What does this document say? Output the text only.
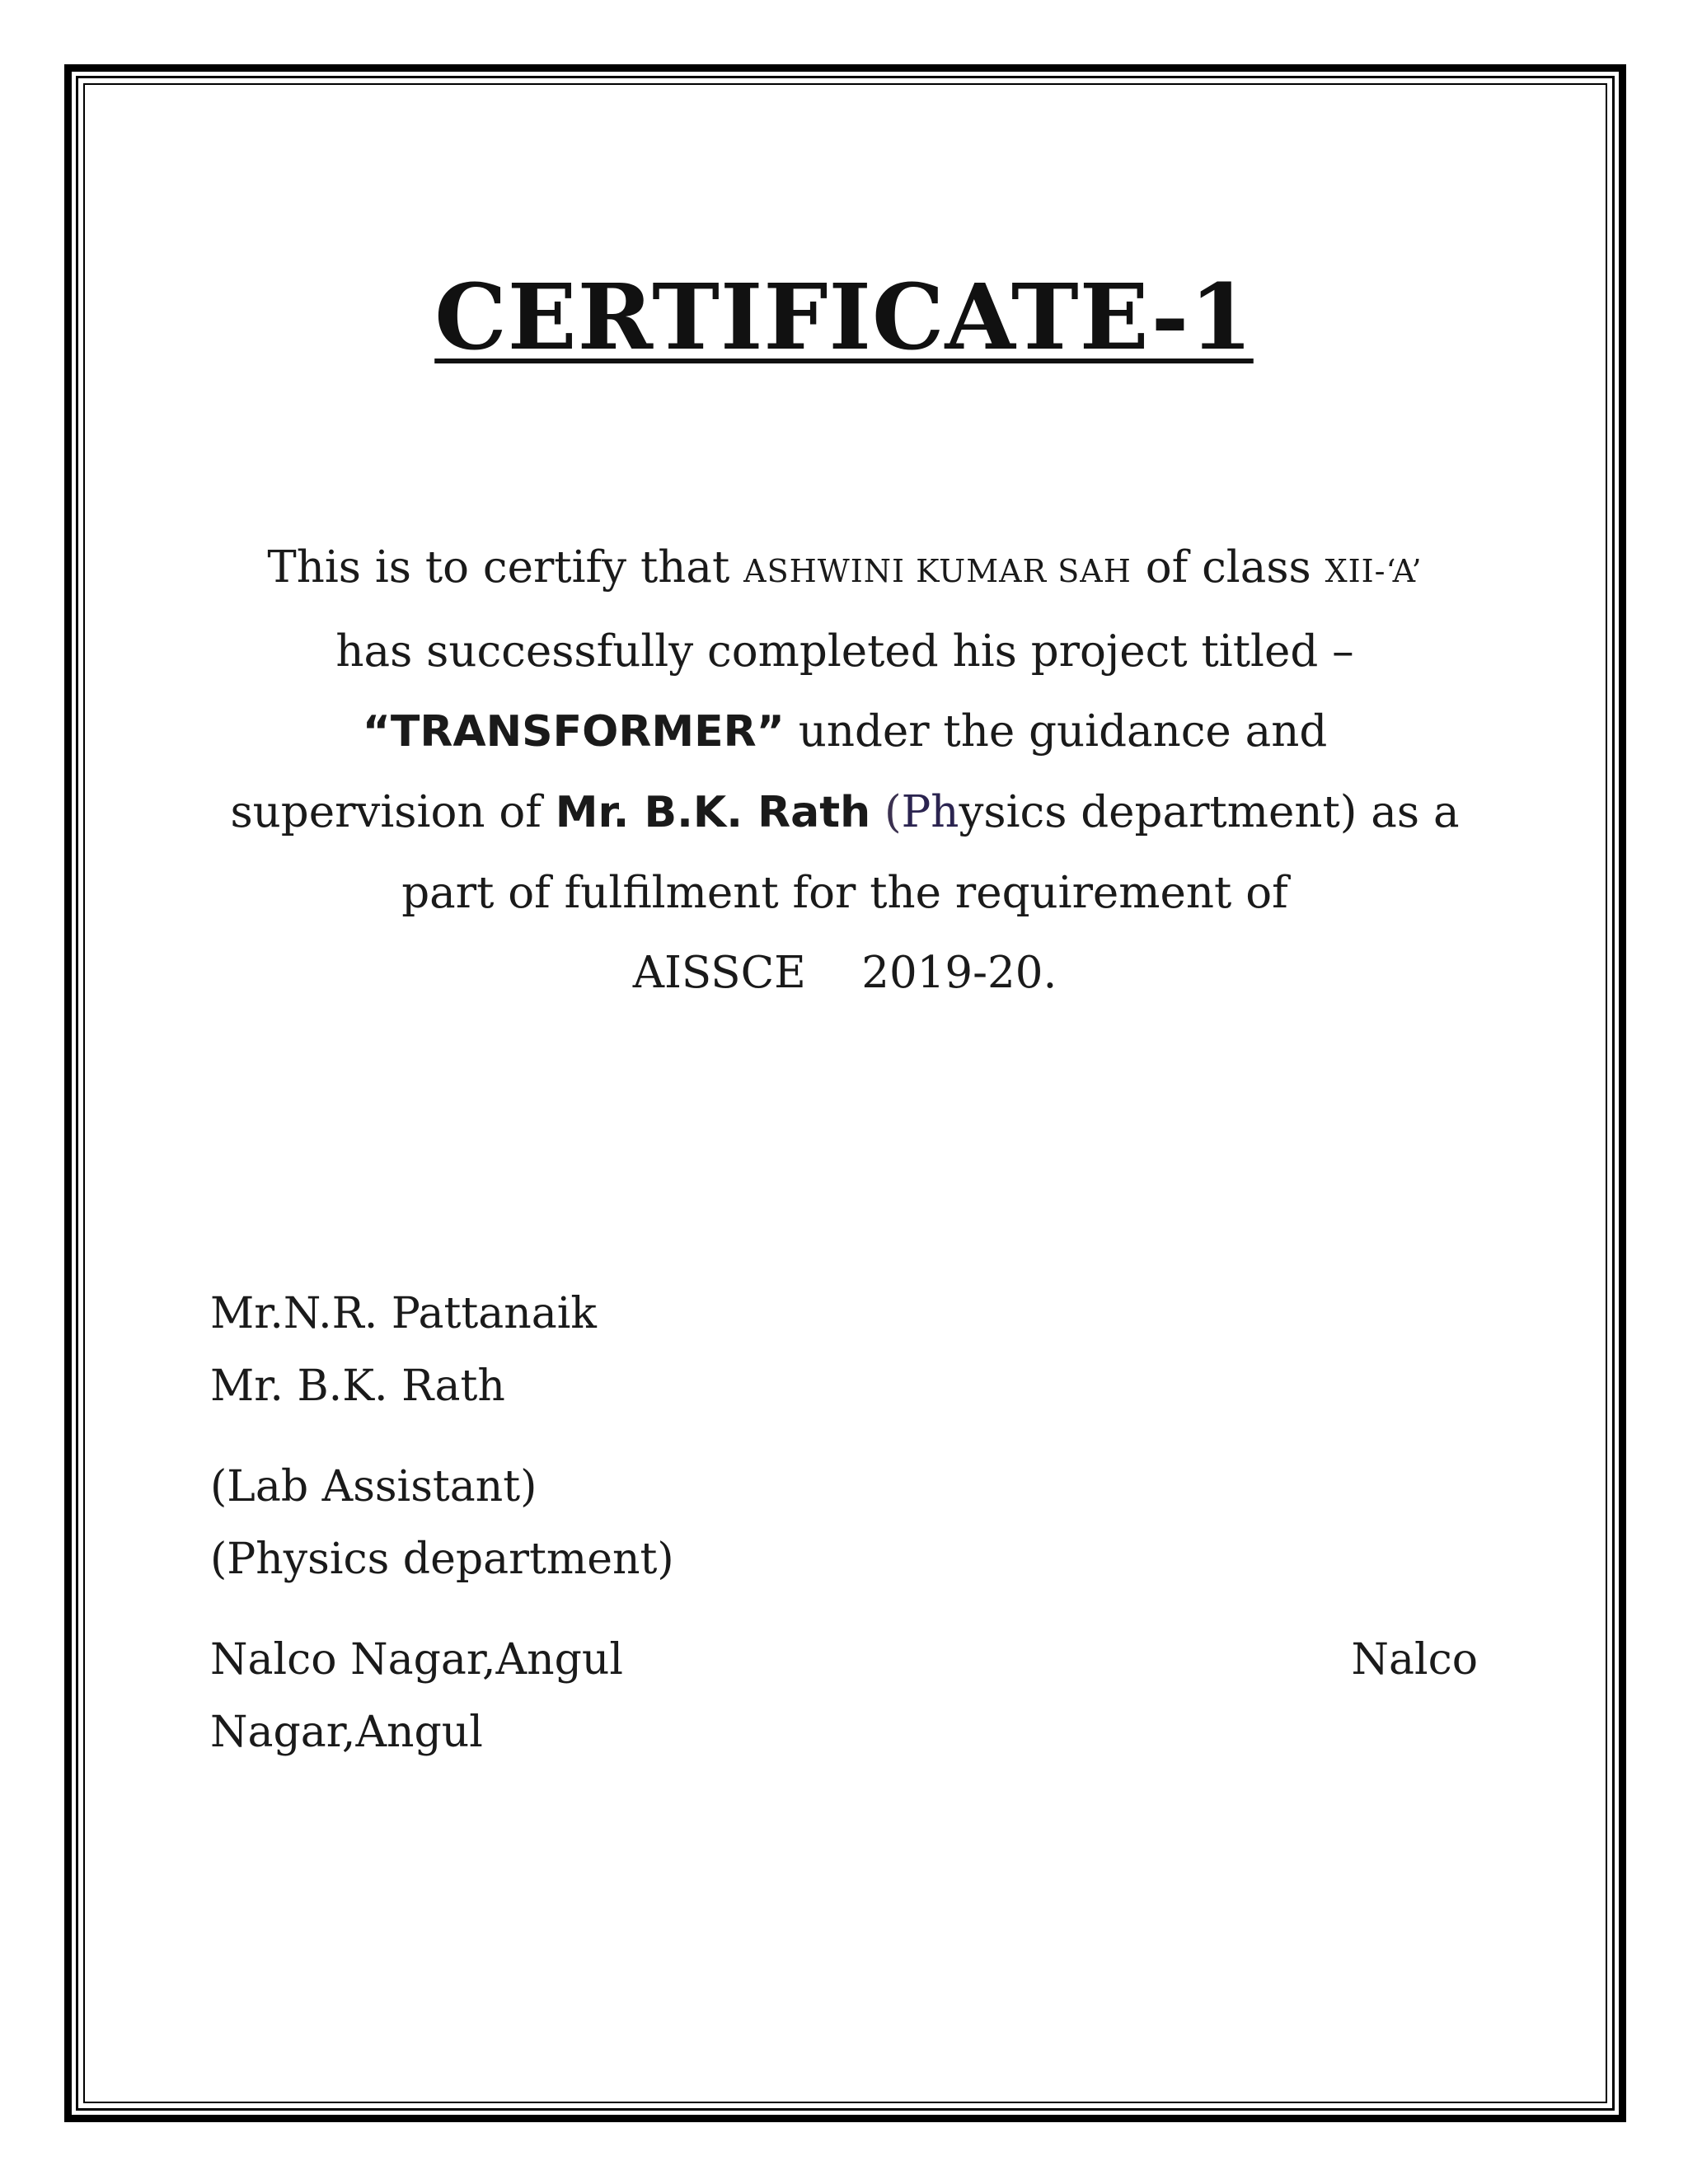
CERTIFICATE-1
This is to certify that ASHWINI KUMAR SAH of class XII-‘A’
has successfully completed his project titled –
“TRANSFORMER” under the guidance and
supervision of Mr. B.K. Rath (Physics department) as a
part of fulfilment for the requirement of
AISSCE 2019-20.
Mr.N.R. Pattanaik
Mr. B.K. Rath
(Lab Assistant)
(Physics department)
Nalco Nagar,Angul
Nagar,Angul
Nalco
